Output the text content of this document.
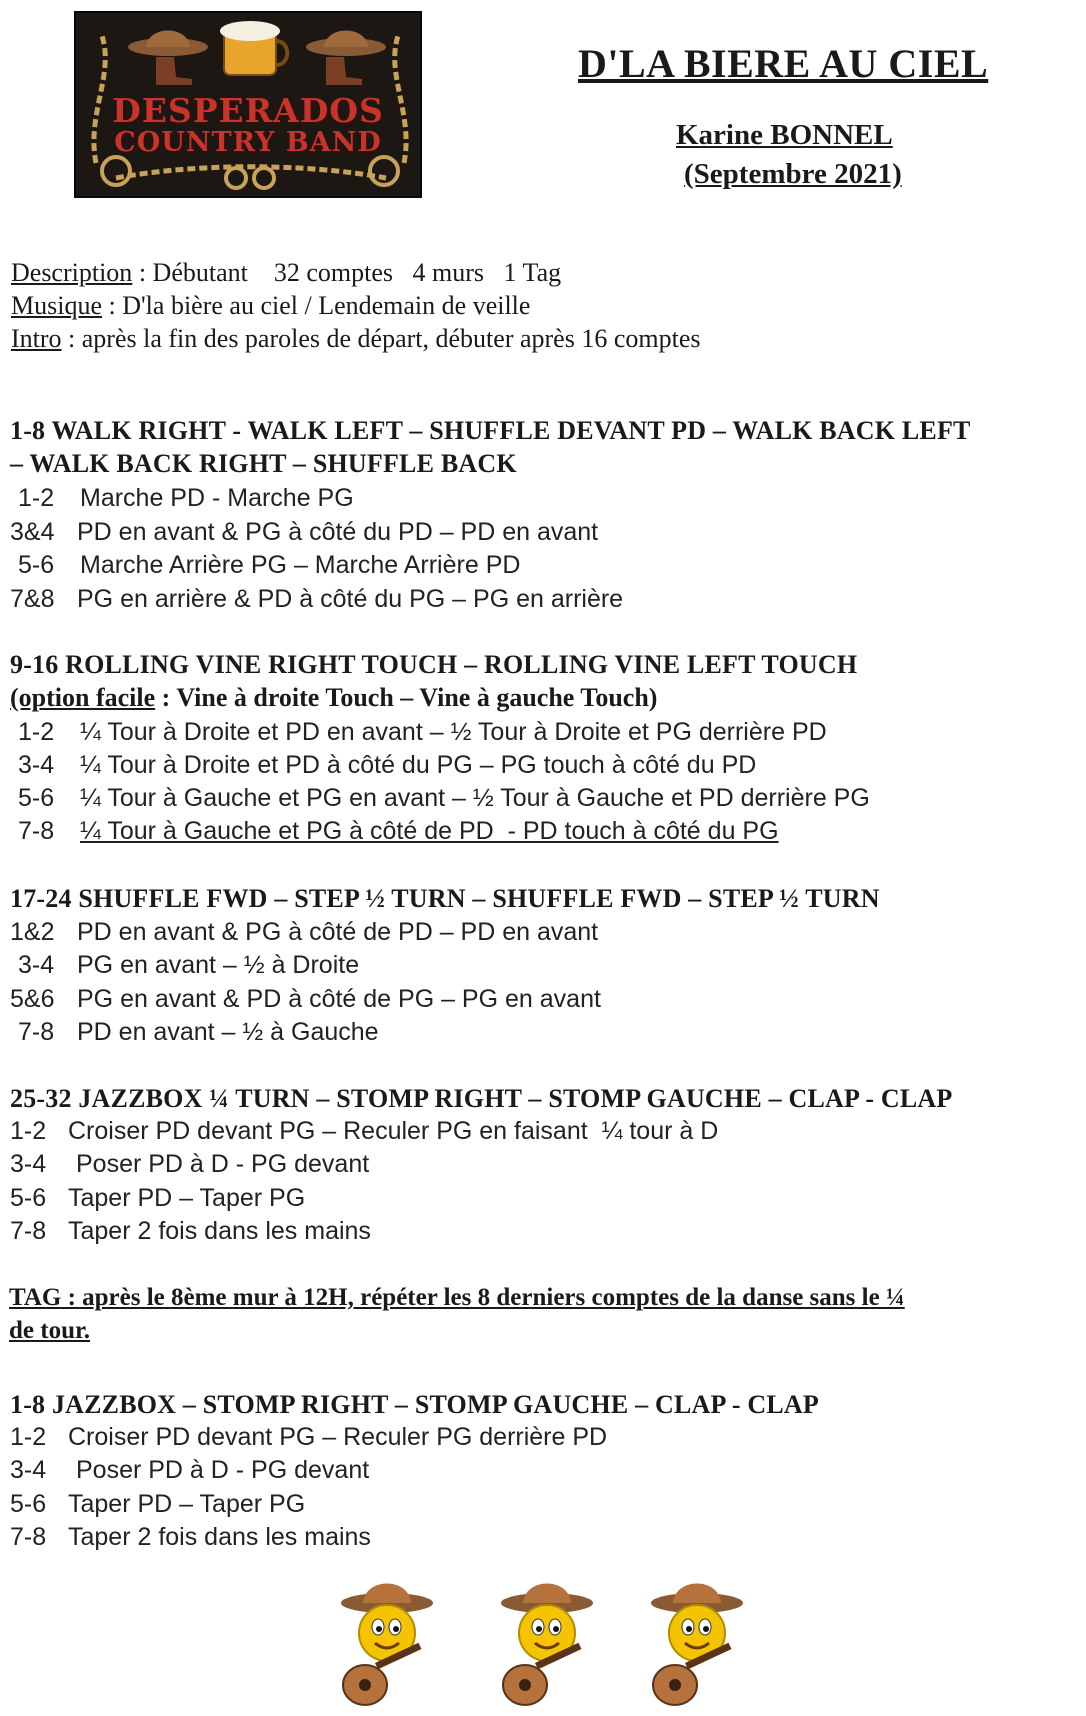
DESPERADOS
COUNTRY BAND
D'LA BIERE AU CIEL
Karine BONNEL
(Septembre 2021)
Description : Débutant    32 comptes   4 murs   1 Tag
Musique : D'la bière au ciel / Lendemain de veille
Intro : après la fin des paroles de départ, débuter après 16 comptes
1-8 WALK RIGHT - WALK LEFT – SHUFFLE DEVANT PD – WALK BACK LEFT
– WALK BACK RIGHT – SHUFFLE BACK
1-2 Marche PD - Marche PG
3&4 PD en avant & PG à côté du PD – PD en avant
5-6 Marche Arrière PG – Marche Arrière PD
7&8 PG en arrière & PD à côté du PG – PG en arrière
9-16 ROLLING VINE RIGHT TOUCH – ROLLING VINE LEFT TOUCH
(option facile : Vine à droite Touch – Vine à gauche Touch)
1-2 ¼ Tour à Droite et PD en avant – ½ Tour à Droite et PG derrière PD
3-4 ¼ Tour à Droite et PD à côté du PG – PG touch à côté du PD
5-6 ¼ Tour à Gauche et PG en avant – ½ Tour à Gauche et PD derrière PG
7-8 ¼ Tour à Gauche et PG à côté de PD  - PD touch à côté du PG
17-24 SHUFFLE FWD – STEP ½ TURN – SHUFFLE FWD – STEP ½ TURN
1&2 PD en avant & PG à côté de PD – PD en avant
3-4 PG en avant – ½ à Droite
5&6 PG en avant & PD à côté de PG – PG en avant
7-8 PD en avant – ½ à Gauche
25-32 JAZZBOX ¼ TURN – STOMP RIGHT – STOMP GAUCHE – CLAP - CLAP
1-2 Croiser PD devant PG – Reculer PG en faisant  ¼ tour à D
3-4 Poser PD à D - PG devant
5-6 Taper PD – Taper PG
7-8 Taper 2 fois dans les mains
TAG : après le 8ème mur à 12H, répéter les 8 derniers comptes de la danse sans le ¼
de tour.
1-8 JAZZBOX – STOMP RIGHT – STOMP GAUCHE – CLAP - CLAP
1-2 Croiser PD devant PG – Reculer PG derrière PD
3-4 Poser PD à D - PG devant
5-6 Taper PD – Taper PG
7-8 Taper 2 fois dans les mains
